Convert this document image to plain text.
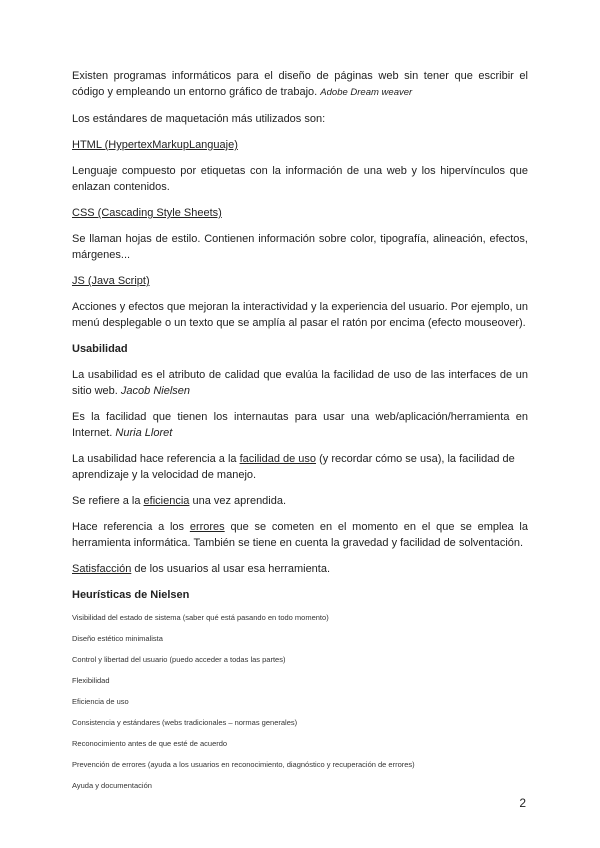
Existen programas informáticos para el diseño de páginas web sin tener que escribir el código y empleando un entorno gráfico de trabajo. Adobe Dream weaver

Los estándares de maquetación más utilizados son:

HTML (HypertexMarkupLanguaje)

Lenguaje compuesto por etiquetas con la información de una web y los hipervínculos que enlazan contenidos.

CSS (Cascading Style Sheets)

Se llaman hojas de estilo. Contienen información sobre color, tipografía, alineación, efectos, márgenes...

JS (Java Script)

Acciones y efectos que mejoran la interactividad y la experiencia del usuario. Por ejemplo, un menú desplegable o un texto que se amplía al pasar el ratón por encima (efecto mouseover).

Usabilidad

La usabilidad es el atributo de calidad que evalúa la facilidad de uso de las interfaces de un sitio web. Jacob Nielsen

Es la facilidad que tienen los internautas para usar una web/aplicación/herramienta en Internet. Nuria Lloret

La usabilidad hace referencia a la facilidad de uso (y recordar cómo se usa), la facilidad de aprendizaje y la velocidad de manejo.

Se refiere a la eficiencia una vez aprendida.

Hace referencia a los errores que se cometen en el momento en el que se emplea la herramienta informática. También se tiene en cuenta la gravedad y facilidad de solventación.

Satisfacción de los usuarios al usar esa herramienta.

Heurísticas de Nielsen

Visibilidad del estado de sistema (saber qué está pasando en todo momento)
Diseño estético minimalista
Control y libertad del usuario (puedo acceder a todas las partes)
Flexibilidad
Eficiencia de uso
Consistencia y estándares (webs tradicionales – normas generales)
Reconocimiento antes de que esté de acuerdo
Prevención de errores (ayuda a los usuarios en reconocimiento, diagnóstico y recuperación de errores)
Ayuda y documentación
2
